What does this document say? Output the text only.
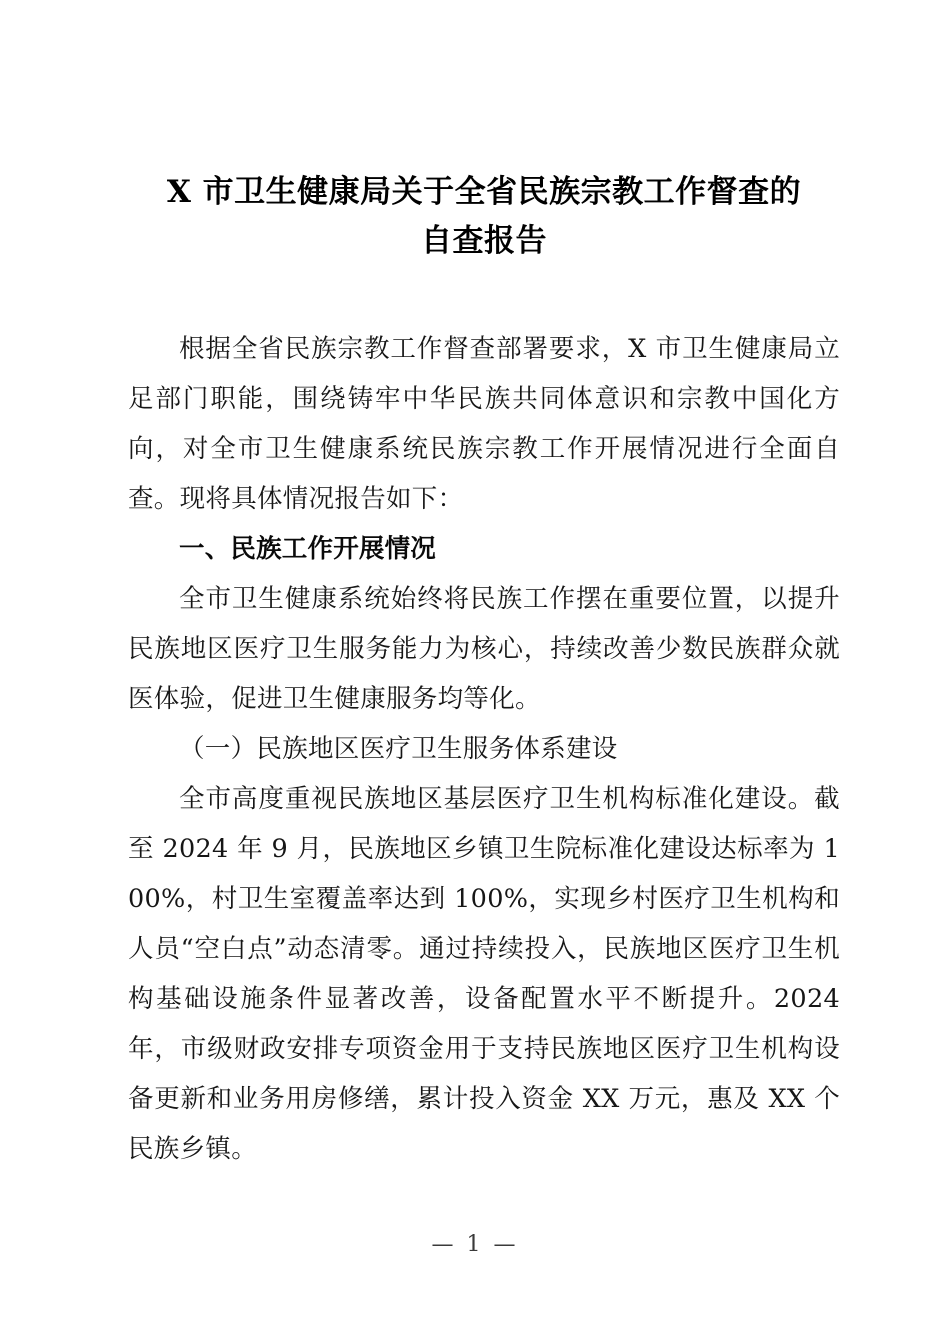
X 市卫生健康局关于全省民族宗教工作督查的
自查报告

根据全省民族宗教工作督查部署要求，X 市卫生健康局立足部门职能，围绕铸牢中华民族共同体意识和宗教中国化方向，对全市卫生健康系统民族宗教工作开展情况进行全面自查。现将具体情况报告如下：

一、民族工作开展情况

全市卫生健康系统始终将民族工作摆在重要位置，以提升民族地区医疗卫生服务能力为核心，持续改善少数民族群众就医体验，促进卫生健康服务均等化。

（一）民族地区医疗卫生服务体系建设

全市高度重视民族地区基层医疗卫生机构标准化建设。截至 2024 年 9 月，民族地区乡镇卫生院标准化建设达标率为 100%，村卫生室覆盖率达到 100%，实现乡村医疗卫生机构和人员“空白点”动态清零。通过持续投入，民族地区医疗卫生机构基础设施条件显著改善，设备配置水平不断提升。2024 年，市级财政安排专项资金用于支持民族地区医疗卫生机构设备更新和业务用房修缮，累计投入资金 XX 万元，惠及 XX 个民族乡镇。

— 1 —
